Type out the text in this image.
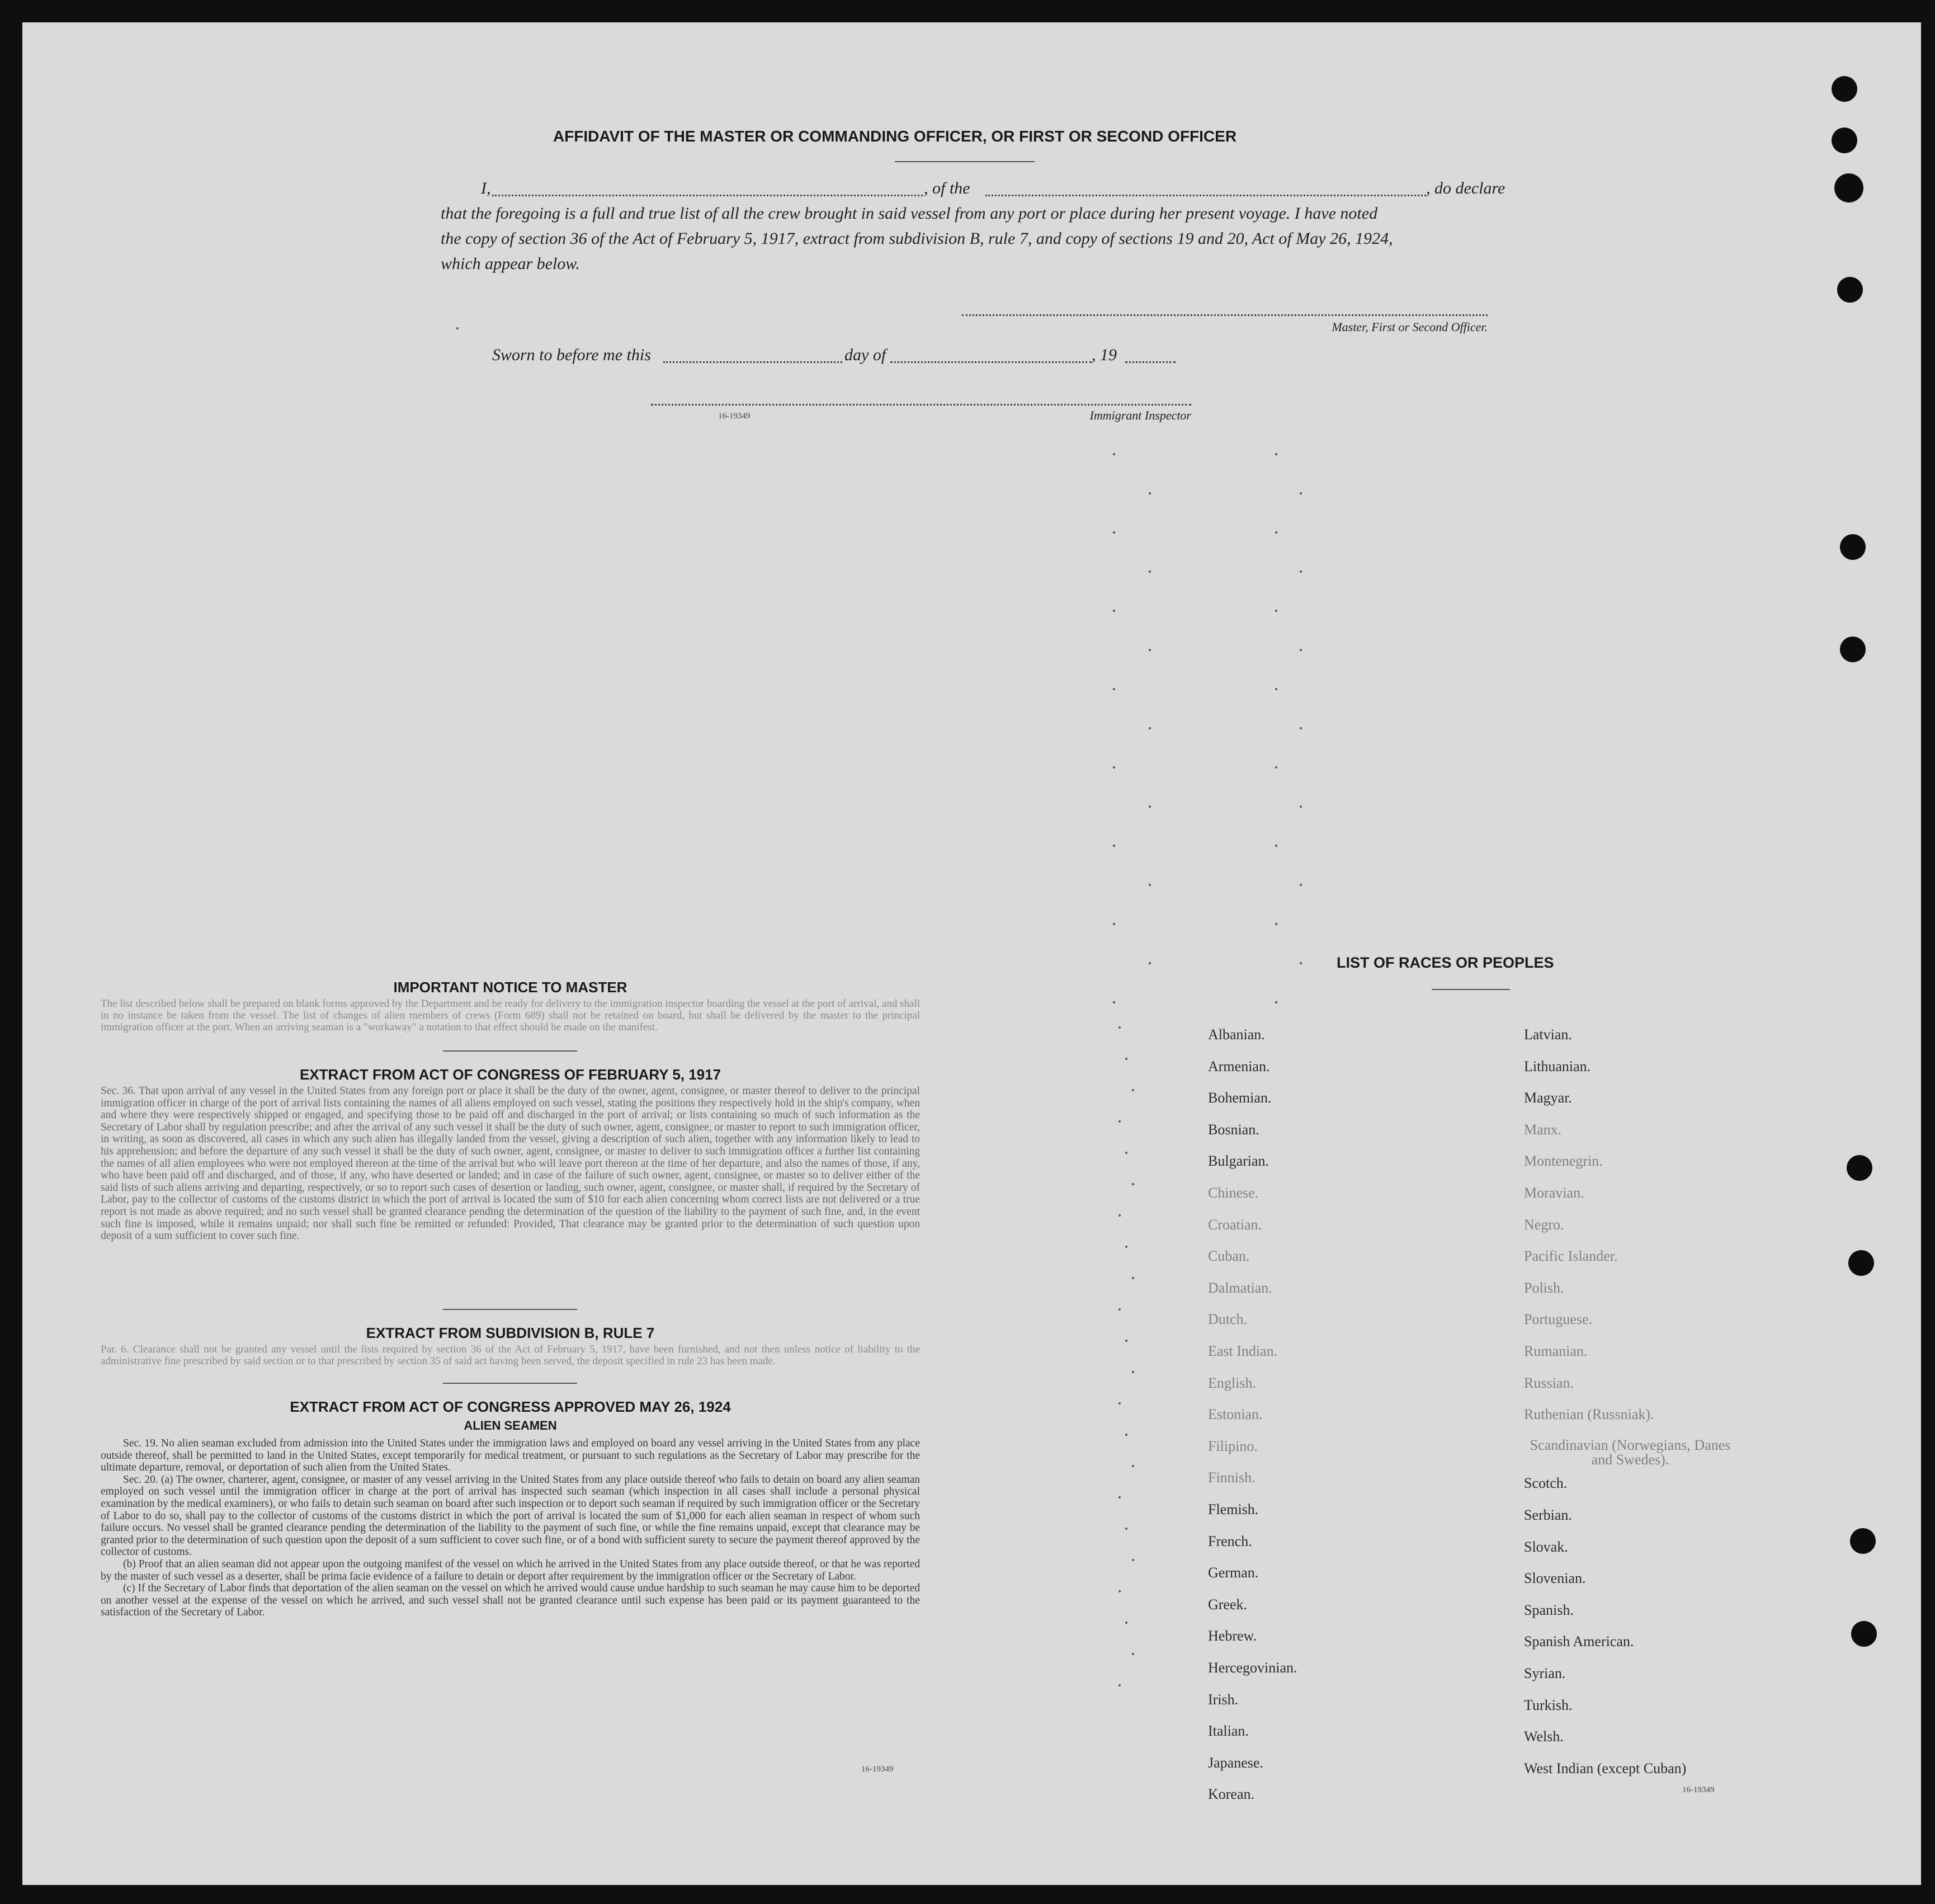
AFFIDAVIT OF THE MASTER OR COMMANDING OFFICER, OR FIRST OR SECOND OFFICER
I,	, of the	, do declare
that the foregoing is a full and true list of all the crew brought in said vessel from any port or place during her present voyage. I have noted
the copy of section 36 of the Act of February 5, 1917, extract from subdivision B, rule 7, and copy of sections 19 and 20, Act of May 26, 1924,
which appear below.
Master, First or Second Officer.
Sworn to before me this	day of	, 19
16-19349	Immigrant Inspector
IMPORTANT NOTICE TO MASTER
The list described below shall be prepared on blank forms approved by the Department and be ready for delivery to the immigration inspector boarding the vessel at the port of arrival, and shall in no instance be taken from the vessel. The list of changes of alien members of crews (Form 689) shall not be retained on board, but shall be delivered by the master to the principal immigration officer at the port. When an arriving seaman is a "workaway" a notation to that effect should be made on the manifest.
EXTRACT FROM ACT OF CONGRESS OF FEBRUARY 5, 1917
Sec. 36. That upon arrival of any vessel in the United States from any foreign port or place it shall be the duty of the owner, agent, consignee, or master thereof to deliver to the principal immigration officer in charge of the port of arrival lists containing the names of all aliens employed on such vessel, stating the positions they respectively hold in the ship's company, when and where they were respectively shipped or engaged, and specifying those to be paid off and discharged in the port of arrival; or lists containing so much of such information as the Secretary of Labor shall by regulation prescribe; and after the arrival of any such vessel it shall be the duty of such owner, agent, consignee, or master to report to such immigration officer, in writing, as soon as discovered, all cases in which any such alien has illegally landed from the vessel, giving a description of such alien, together with any information likely to lead to his apprehension; and before the departure of any such vessel it shall be the duty of such owner, agent, consignee, or master to deliver to such immigration officer a further list containing the names of all alien employees who were not employed thereon at the time of the arrival but who will leave port thereon at the time of her departure, and also the names of those, if any, who have been paid off and discharged, and of those, if any, who have deserted or landed; and in case of the failure of such owner, agent, consignee, or master so to deliver either of the said lists of such aliens arriving and departing, respectively, or so to report such cases of desertion or landing, such owner, agent, consignee, or master shall, if required by the Secretary of Labor, pay to the collector of customs of the customs district in which the port of arrival is located the sum of $10 for each alien concerning whom correct lists are not delivered or a true report is not made as above required; and no such vessel shall be granted clearance pending the determination of the question of the liability to the payment of such fine, and, in the event such fine is imposed, while it remains unpaid; nor shall such fine be remitted or refunded: Provided, That clearance may be granted prior to the determination of such question upon deposit of a sum sufficient to cover such fine.
EXTRACT FROM SUBDIVISION B, RULE 7
Par. 6. Clearance shall not be granted any vessel until the lists required by section 36 of the Act of February 5, 1917, have been furnished, and not then unless notice of liability to the administrative fine prescribed by said section or to that prescribed by section 35 of said act having been served, the deposit specified in rule 23 has been made.
EXTRACT FROM ACT OF CONGRESS APPROVED MAY 26, 1924
ALIEN SEAMEN
Sec. 19. No alien seaman excluded from admission into the United States under the immigration laws and employed on board any vessel arriving in the United States from any place outside thereof, shall be permitted to land in the United States, except temporarily for medical treatment, or pursuant to such regulations as the Secretary of Labor may prescribe for the ultimate departure, removal, or deportation of such alien from the United States.
Sec. 20. (a) The owner, charterer, agent, consignee, or master of any vessel arriving in the United States from any place outside thereof who fails to detain on board any alien seaman employed on such vessel until the immigration officer in charge at the port of arrival has inspected such seaman (which inspection in all cases shall include a personal physical examination by the medical examiners), or who fails to detain such seaman on board after such inspection or to deport such seaman if required by such immigration officer or the Secretary of Labor to do so, shall pay to the collector of customs of the customs district in which the port of arrival is located the sum of $1,000 for each alien seaman in respect of whom such failure occurs. No vessel shall be granted clearance pending the determination of the liability to the payment of such fine, or while the fine remains unpaid, except that clearance may be granted prior to the determination of such question upon the deposit of a sum sufficient to cover such fine, or of a bond with sufficient surety to secure the payment thereof approved by the collector of customs.
(b) Proof that an alien seaman did not appear upon the outgoing manifest of the vessel on which he arrived in the United States from any place outside thereof, or that he was reported by the master of such vessel as a deserter, shall be prima facie evidence of a failure to detain or deport after requirement by the immigration officer or the Secretary of Labor.
(c) If the Secretary of Labor finds that deportation of the alien seaman on the vessel on which he arrived would cause undue hardship to such seaman he may cause him to be deported on another vessel at the expense of the vessel on which he arrived, and such vessel shall not be granted clearance until such expense has been paid or its payment guaranteed to the satisfaction of the Secretary of Labor.
16-19349
LIST OF RACES OR PEOPLES
16-19349
Albanian.
Armenian.
Bohemian.
Bosnian.
Bulgarian.
Chinese.
Croatian.
Cuban.
Dalmatian.
Dutch.
East Indian.
English.
Estonian.
Filipino.
Finnish.
Flemish.
French.
German.
Greek.
Hebrew.
Hercegovinian.
Irish.
Italian.
Japanese.
Korean.
Latvian.
Lithuanian.
Magyar.
Manx.
Montenegrin.
Moravian.
Negro.
Pacific Islander.
Polish.
Portuguese.
Rumanian.
Russian.
Ruthenian (Russniak).
Scandinavian (Norwegians, Danes and Swedes).
Scotch.
Serbian.
Slovak.
Slovenian.
Spanish.
Spanish American.
Syrian.
Turkish.
Welsh.
West Indian (except Cuban)
